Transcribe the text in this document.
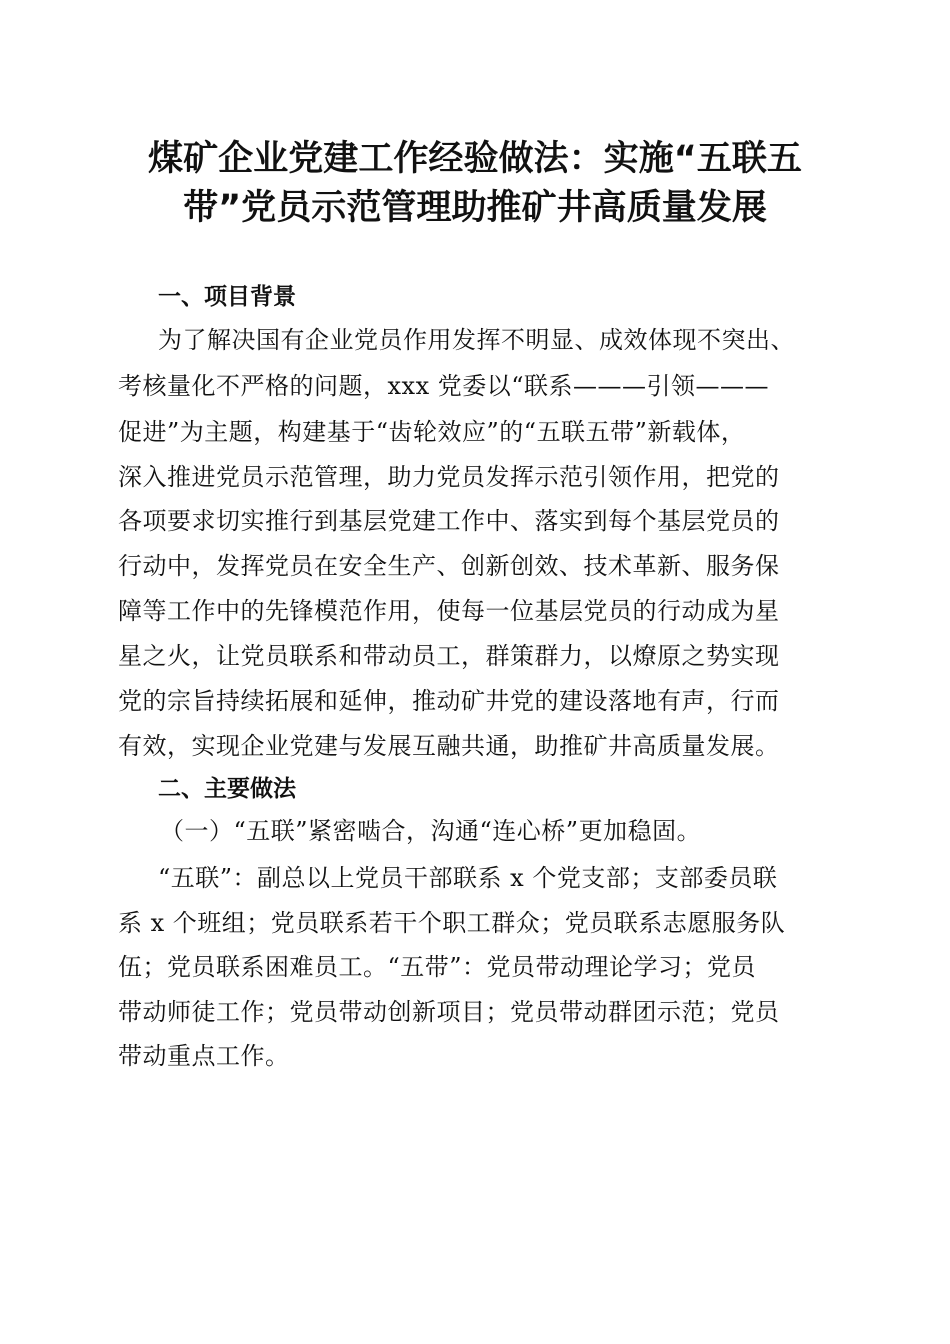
煤矿企业党建工作经验做法：实施“五联五
带”党员示范管理助推矿井高质量发展
一、项目背景
为了解决国有企业党员作用发挥不明显、成效体现不突出、
考核量化不严格的问题，xxx 党委以“联系———引领———
促进”为主题，构建基于“齿轮效应”的“五联五带”新载体，
深入推进党员示范管理，助力党员发挥示范引领作用，把党的
各项要求切实推行到基层党建工作中、落实到每个基层党员的
行动中，发挥党员在安全生产、创新创效、技术革新、服务保
障等工作中的先锋模范作用，使每一位基层党员的行动成为星
星之火，让党员联系和带动员工，群策群力，以燎原之势实现
党的宗旨持续拓展和延伸，推动矿井党的建设落地有声，行而
有效，实现企业党建与发展互融共通，助推矿井高质量发展。
二、主要做法
（一）“五联”紧密啮合，沟通“连心桥”更加稳固。
“五联”：副总以上党员干部联系 x 个党支部；支部委员联
系 x 个班组；党员联系若干个职工群众；党员联系志愿服务队
伍；党员联系困难员工。“五带”：党员带动理论学习；党员
带动师徒工作；党员带动创新项目；党员带动群团示范；党员
带动重点工作。
